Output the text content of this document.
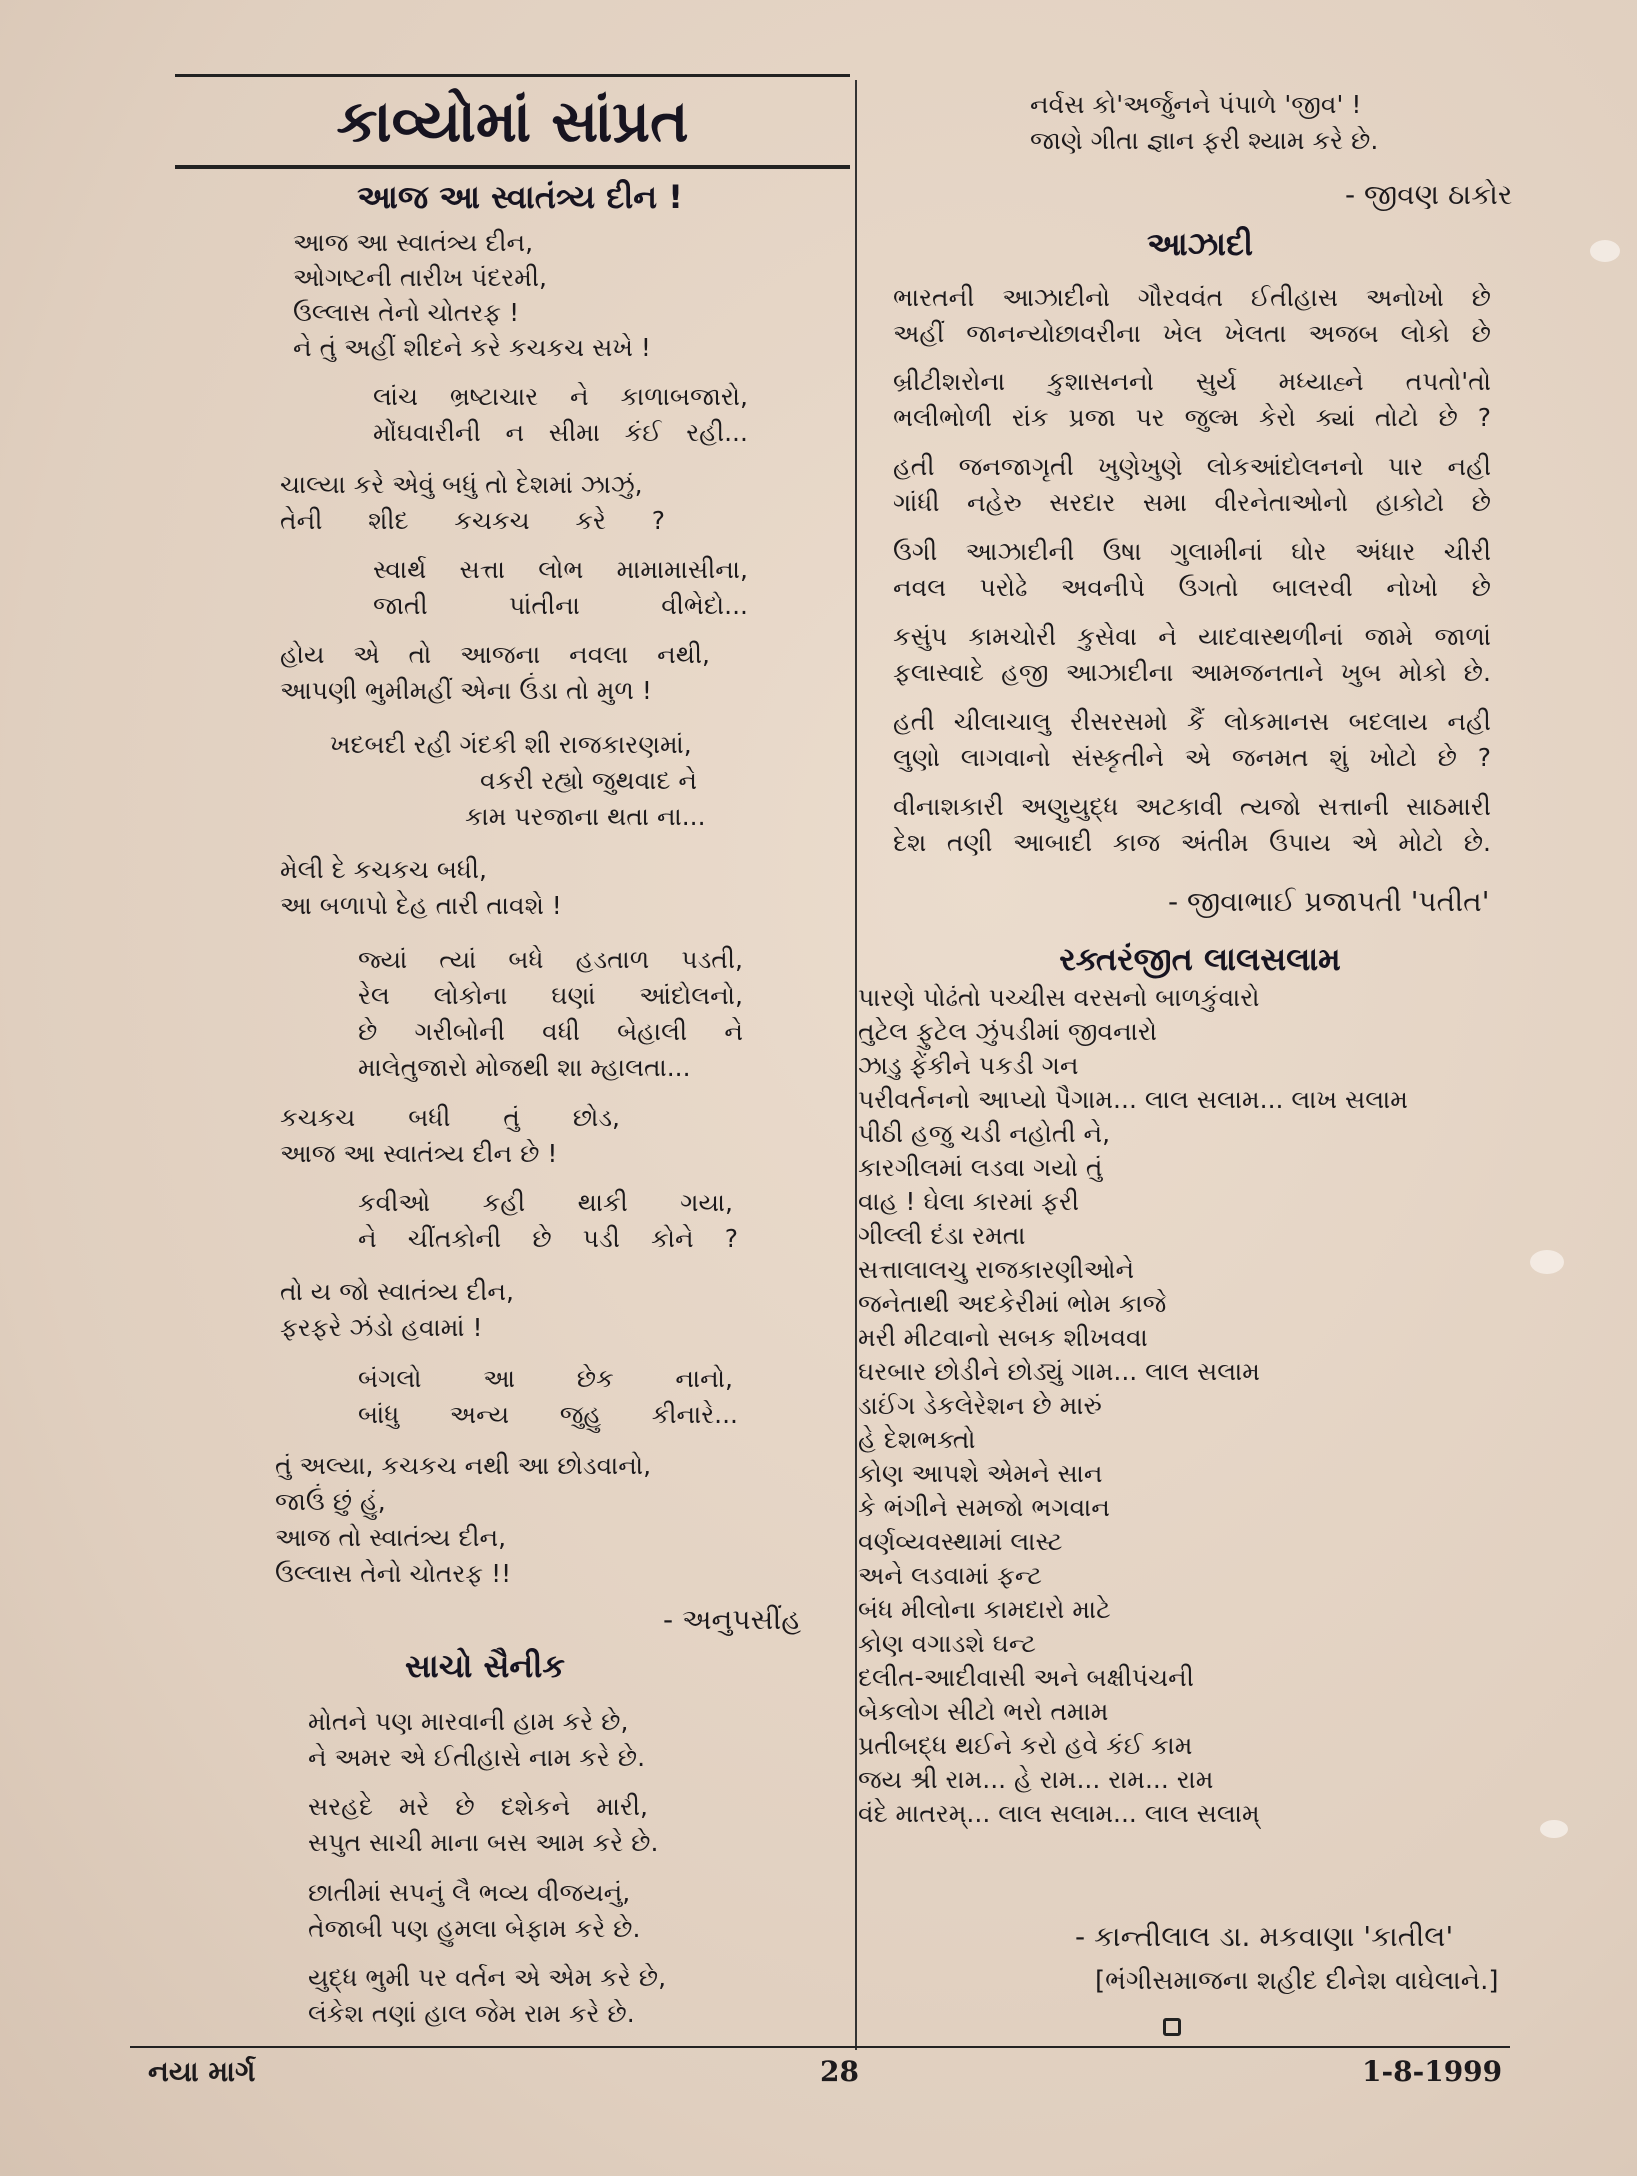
કાવ્યોમાં સાંપ્રત
આજ આ સ્વાતંત્ર્ય દીન !
આજ આ સ્વાતંત્ર્ય દીન,
ઓગષ્ટની તારીખ પંદરમી,
ઉલ્લાસ તેનો ચોતરફ !
ને તું અહીં શીદને કરે કચકચ સખે !
લાંચ ભ્રષ્ટાચાર ને કાળાબજારો,
મોંઘવારીની ન સીમા કંઈ રહી...
ચાલ્યા કરે એવું બધું તો દેશમાં ઝાઝું,
તેની શીદ કચકચ કરે ?
સ્વાર્થ સત્તા લોભ મામામાસીના,
જાતી	પાંતીના	વીભેદો...
હોય એ તો આજના નવલા નથી,
આપણી ભુમીમહીં એના ઉંડા તો મુળ !
ખદબદી રહી ગંદકી શી રાજકારણમાં,
વકરી રહ્યો જુથવાદ ને
કામ પરજાના થતા ના...
મેલી દે કચકચ બધી,
આ બળાપો દેહ તારી તાવશે !
જ્યાં ત્યાં બધે હડતાળ પડતી,
રેલ લોકોના ઘણાં આંદોલનો,
છે ગરીબોની વધી બેહાલી ને
માલેતુજારો મોજથી શા મ્હાલતા...
કચકચ બધી તું છોડ,
આજ આ સ્વાતંત્ર્ય દીન છે !
કવીઓ કહી થાકી ગયા,
ને ચીંતકોની છે પડી કોને ?
તો ય જો સ્વાતંત્ર્ય દીન,
ફરફરે ઝંડો હવામાં !
બંગલો આ છેક નાનો,
બાંધુ અન્ય જુહુ કીનારે...
તું અલ્યા, કચકચ નથી આ છોડવાનો,
જાઉં છું હું,
આજ તો સ્વાતંત્ર્ય દીન,
ઉલ્લાસ તેનો ચોતરફ !!
- અનુપસીંહ
સાચો સૈનીક
મોતને પણ મારવાની હામ કરે છે,
ને અમર એ ઈતીહાસે નામ કરે છે.
સરહદે મરે છે દશેકને મારી,
સપુત સાચી માના બસ આમ કરે છે.
છાતીમાં સપનું લૈ ભવ્ય વીજયનું,
તેજાબી પણ હુમલા બેફામ કરે છે.
યુદ્ધ ભુમી પર વર્તન એ એમ કરે છે,
લંકેશ તણાં હાલ જેમ રામ કરે છે.
નર્વસ કો'અર્જુનને પંપાળે 'જીવ' !
જાણે ગીતા જ્ઞાન ફરી શ્યામ કરે છે.
- જીવણ ઠાકોર
આઝાદી
ભારતની આઝાદીનો ગૌરવવંત ઈતીહાસ અનોખો છે
અહીં જાનન્યોછાવરીના ખેલ ખેલતા અજબ લોકો છે
બ્રીટીશરોના કુશાસનનો સુર્ય મધ્યાહ્ને તપતો'તો
ભલીભોળી રાંક પ્રજા પર જુલ્મ કેરો ક્યાં તોટો છે ?
હતી જનજાગૃતી ખુણેખુણે લોકઆંદોલનનો પાર નહી
ગાંધી નહેરુ સરદાર સમા વીરનેતાઓનો હાકોટો છે
ઉગી આઝાદીની ઉષા ગુલામીનાં ઘોર અંધાર ચીરી
નવલ પરોઢે અવનીપે ઉગતો બાલરવી નોખો છે
કસુંપ કામચોરી કુસેવા ને યાદવાસ્થળીનાં જામે જાળાં
ફલાસ્વાદે હજી આઝાદીના આમજનતાને ખુબ મોકો છે.
હતી ચીલાચાલુ રીસરસમો કૈં લોકમાનસ બદલાય નહી
લુણો લાગવાનો સંસ્કૃતીને એ જનમત શું ખોટો છે ?
વીનાશકારી અણુયુદ્ધ અટકાવી ત્યજો સત્તાની સાઠમારી
દેશ તણી આબાદી કાજ અંતીમ ઉપાય એ મોટો છે.
- જીવાભાઈ પ્રજાપતી 'પતીત'
રક્તરંજીત લાલસલામ
પારણે પોઢંતો પચ્ચીસ વરસનો બાળકુંવારો
તુટેલ ફુટેલ ઝુંપડીમાં જીવનારો
ઝાડુ ફેંકીને પકડી ગન
પરીવર્તનનો આપ્યો પૈગામ... લાલ સલામ... લાખ સલામ
પીઠી હજુ ચડી નહોતી ને,
કારગીલમાં લડવા ગયો તું
વાહ ! ઘેલા કારમાં ફરી
ગીલ્લી દંડા રમતા
સત્તાલાલચુ રાજકારણીઓને
જનેતાથી અદકેરીમાં ભોમ કાજે
મરી મીટવાનો સબક શીખવવા
ઘરબાર છોડીને છોડ્યું ગામ... લાલ સલામ
ડાઈંગ ડેકલેરેશન છે મારું
હે દેશભક્તો
કોણ આપશે એમને સાન
કે ભંગીને સમજો ભગવાન
વર્ણવ્યવસ્થામાં લાસ્ટ
અને લડવામાં ફન્ટ
બંધ મીલોના કામદારો માટે
કોણ વગાડશે ઘન્ટ
દલીત-આદીવાસી અને બક્ષીપંચની
બેકલોગ સીટો ભરો તમામ
પ્રતીબદ્ધ થઈને કરો હવે કંઈ કામ
જય શ્રી રામ... હે રામ... રામ... રામ
વંદે માતરમ્... લાલ સલામ... લાલ સલામ્
- કાન્તીલાલ ડા. મકવાણા 'કાતીલ'
[ભંગીસમાજના શહીદ દીનેશ વાઘેલાને.]
નયા માર્ગ	28	1-8-1999
